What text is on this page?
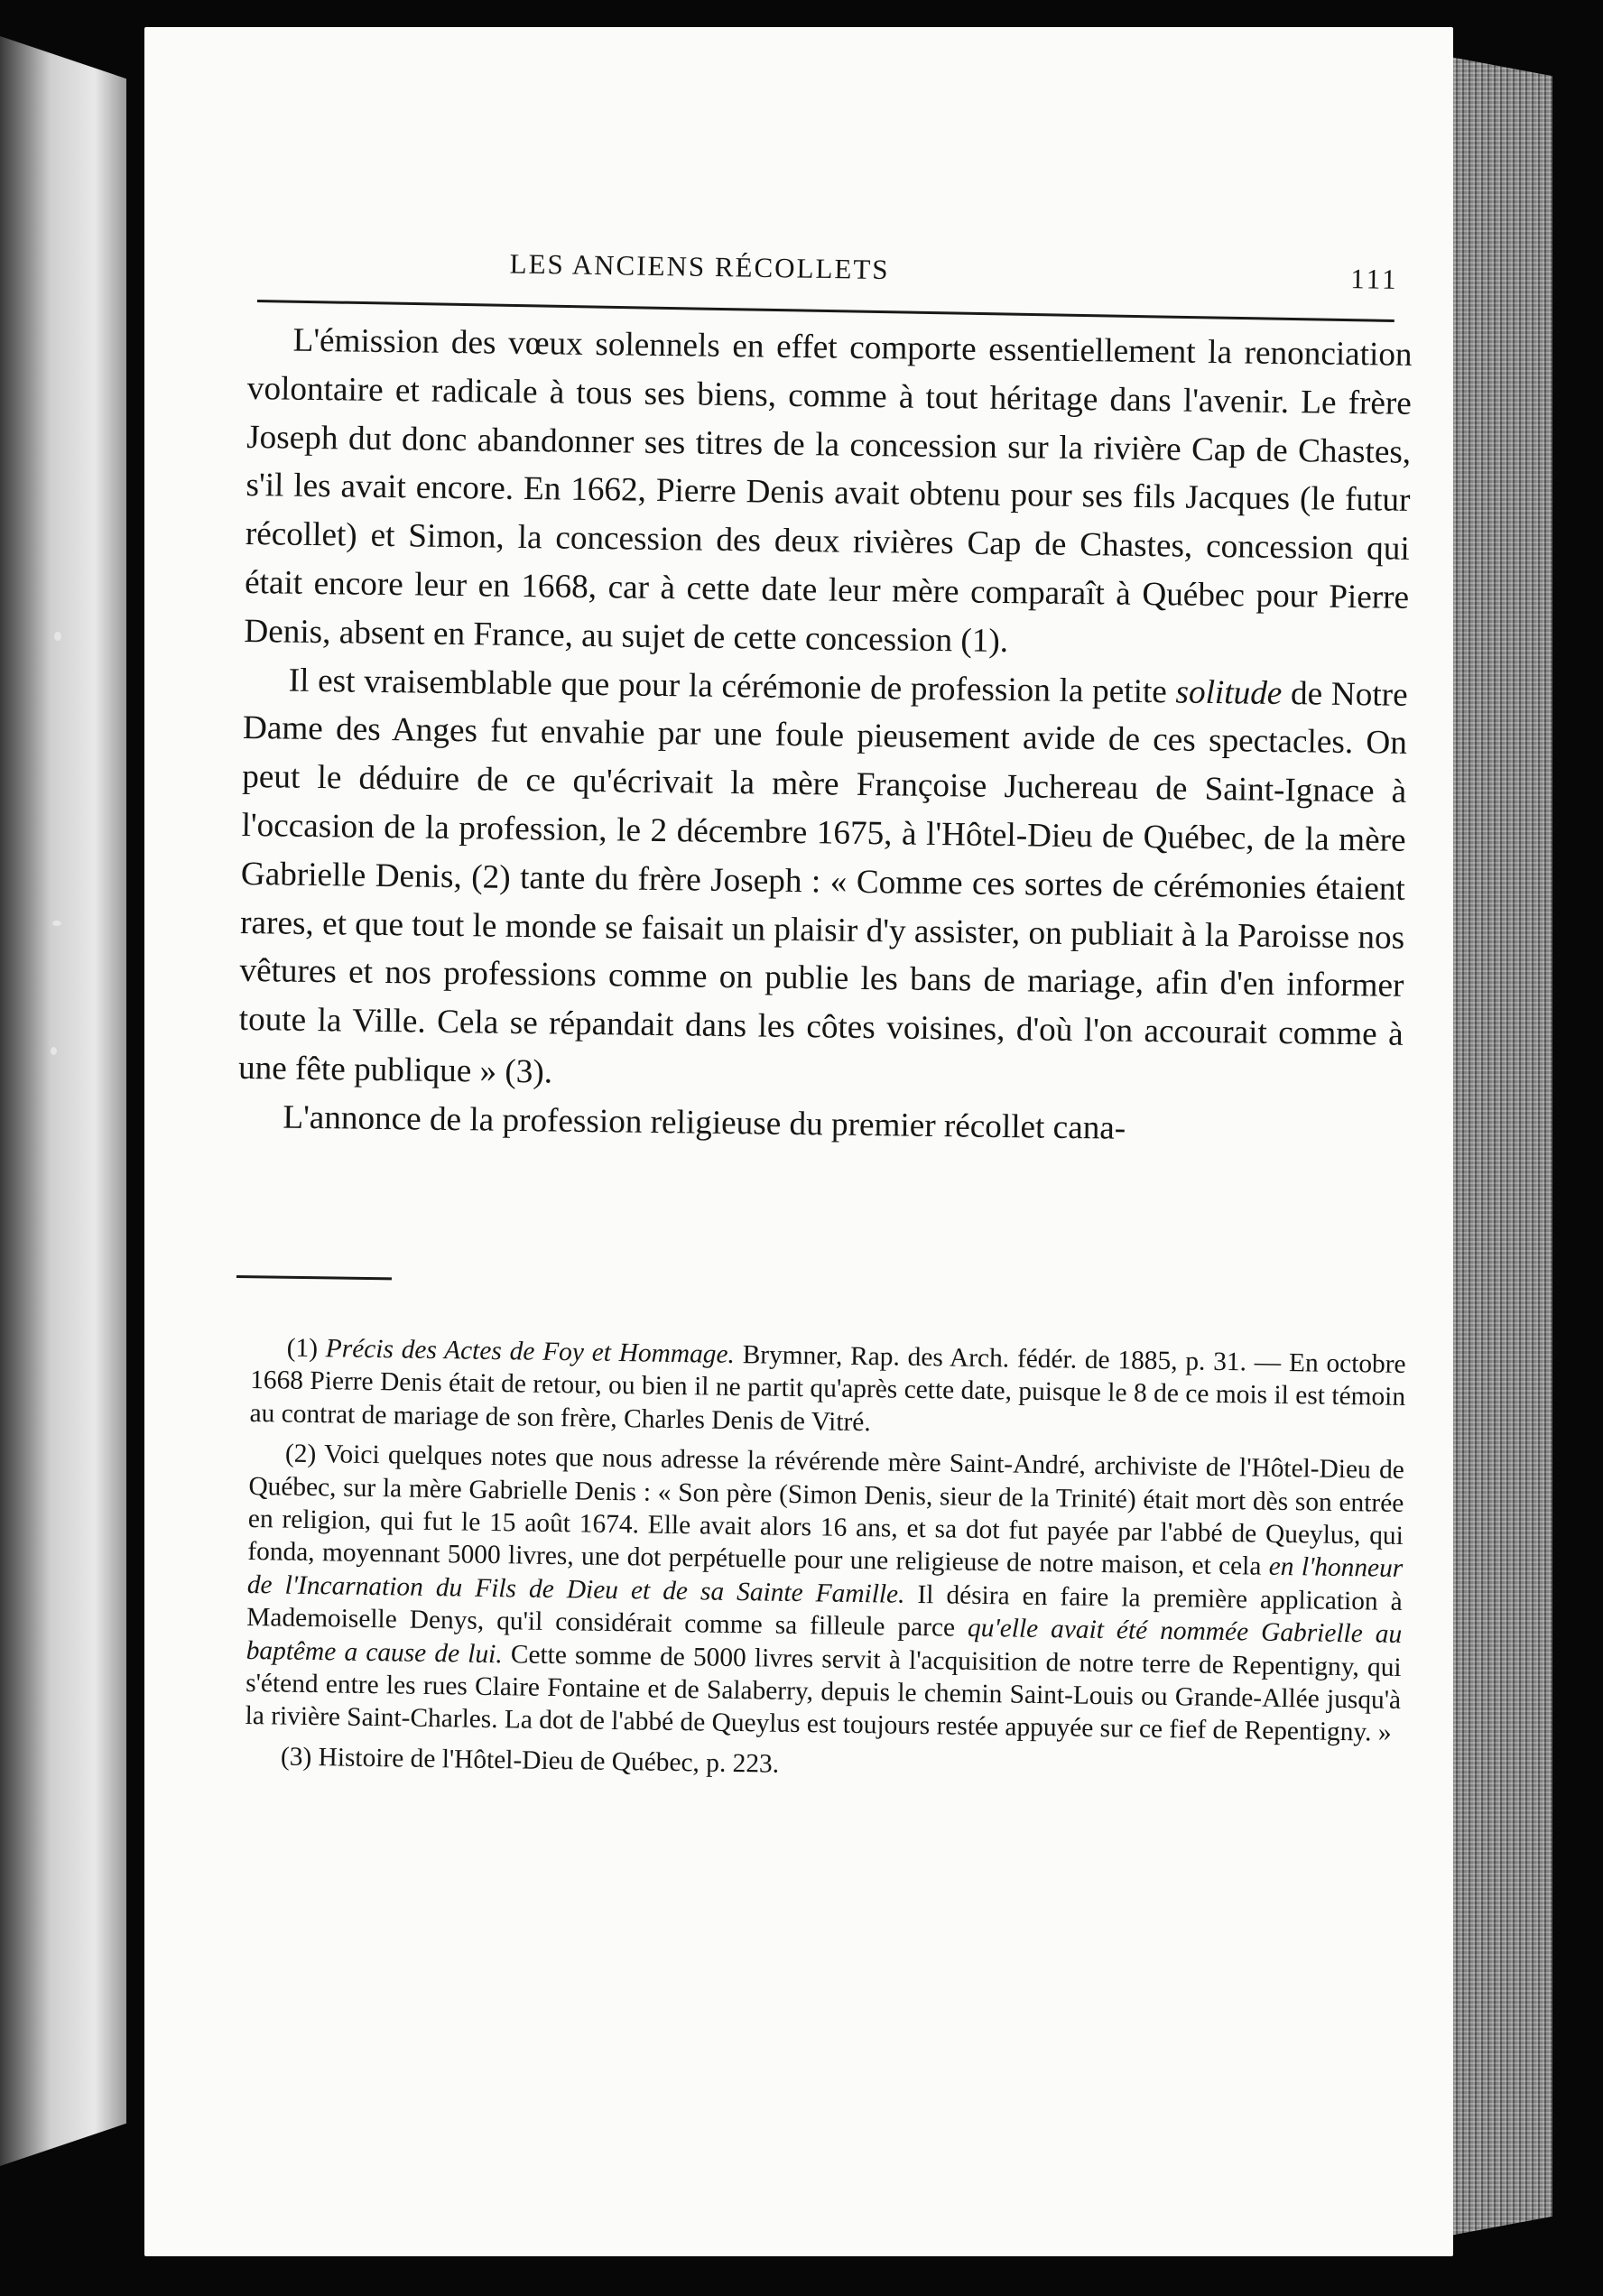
LES ANCIENS RÉCOLLETS	111

L'émission des vœux solennels en effet comporte essentiellement la renonciation volontaire et radicale à tous ses biens, comme à tout héritage dans l'avenir. Le frère Joseph dut donc abandonner ses titres de la concession sur la rivière Cap de Chastes, s'il les avait encore. En 1662, Pierre Denis avait obtenu pour ses fils Jacques (le futur récollet) et Simon, la concession des deux rivières Cap de Chastes, concession qui était encore leur en 1668, car à cette date leur mère comparaît à Québec pour Pierre Denis, absent en France, au sujet de cette concession (1).

Il est vraisemblable que pour la cérémonie de profession la petite solitude de Notre Dame des Anges fut envahie par une foule pieusement avide de ces spectacles. On peut le déduire de ce qu'écrivait la mère Françoise Juchereau de Saint-Ignace à l'occasion de la profession, le 2 décembre 1675, à l'Hôtel-Dieu de Québec, de la mère Gabrielle Denis, (2) tante du frère Joseph : « Comme ces sortes de cérémonies étaient rares, et que tout le monde se faisait un plaisir d'y assister, on publiait à la Paroisse nos vêtures et nos professions comme on publie les bans de mariage, afin d'en informer toute la Ville. Cela se répandait dans les côtes voisines, d'où l'on accourait comme à une fête publique » (3).

L'annonce de la profession religieuse du premier récollet cana-

(1) Précis des Actes de Foy et Hommage. Brymner, Rap. des Arch. fédér. de 1885, p. 31. — En octobre 1668 Pierre Denis était de retour, ou bien il ne partit qu'après cette date, puisque le 8 de ce mois il est témoin au contrat de mariage de son frère, Charles Denis de Vitré.

(2) Voici quelques notes que nous adresse la révérende mère Saint-André, archiviste de l'Hôtel-Dieu de Québec, sur la mère Gabrielle Denis : « Son père (Simon Denis, sieur de la Trinité) était mort dès son entrée en religion, qui fut le 15 août 1674. Elle avait alors 16 ans, et sa dot fut payée par l'abbé de Queylus, qui fonda, moyennant 5000 livres, une dot perpétuelle pour une religieuse de notre maison, et cela en l'honneur de l'Incarnation du Fils de Dieu et de sa Sainte Famille. Il désira en faire la première application à Mademoiselle Denys, qu'il considérait comme sa filleule parce qu'elle avait été nommée Gabrielle au baptême a cause de lui. Cette somme de 5000 livres servit à l'acquisition de notre terre de Repentigny, qui s'étend entre les rues Claire Fontaine et de Salaberry, depuis le chemin Saint-Louis ou Grande-Allée jusqu'à la rivière Saint-Charles. La dot de l'abbé de Queylus est toujours restée appuyée sur ce fief de Repentigny. »

(3) Histoire de l'Hôtel-Dieu de Québec, p. 223.
